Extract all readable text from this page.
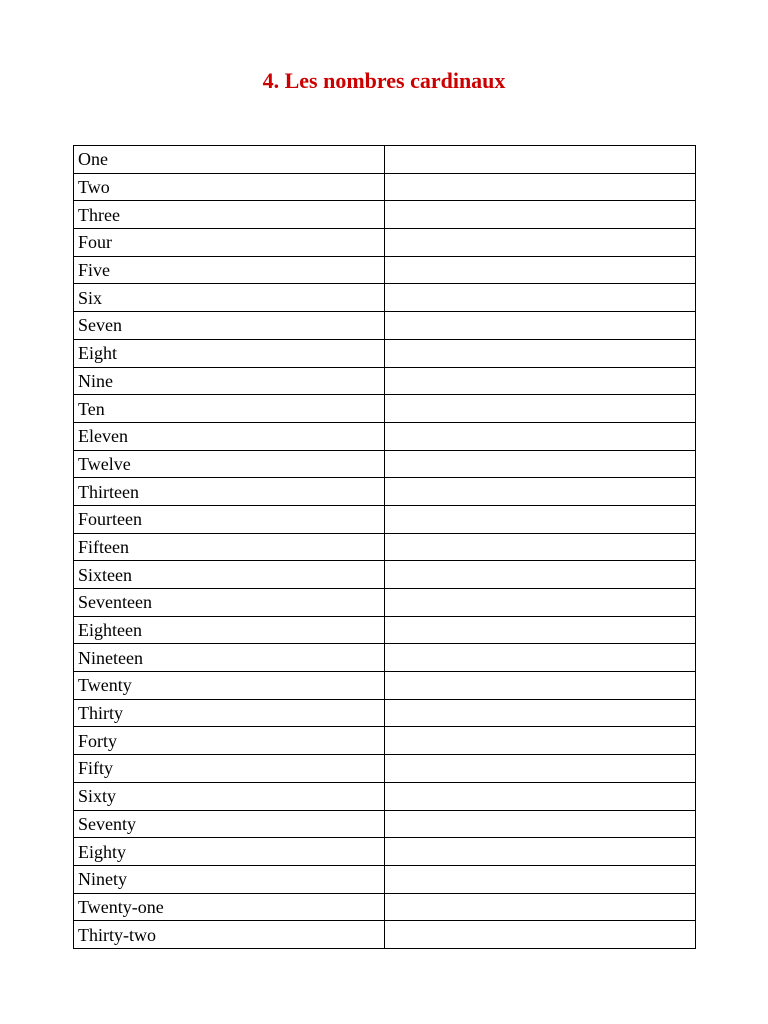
4. Les nombres cardinaux
One	
Two	
Three	
Four	
Five	
Six	
Seven	
Eight	
Nine	
Ten	
Eleven	
Twelve	
Thirteen	
Fourteen	
Fifteen	
Sixteen	
Seventeen	
Eighteen	
Nineteen	
Twenty	
Thirty	
Forty	
Fifty	
Sixty	
Seventy	
Eighty	
Ninety	
Twenty-one	
Thirty-two	
